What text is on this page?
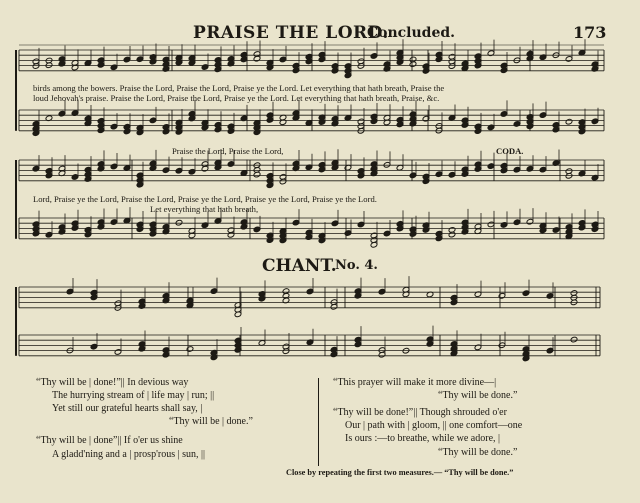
PRAISE THE LORD.
Concluded.	173
birds among the bowers. Praise the Lord, Praise the Lord, Praise ye the Lord. Let everything that hath breath, Praise the
loud Jehovah's praise. Praise the Lord, Praise the Lord, Praise ye the Lord. Let everything that hath breath, Praise, &c.
Praise the Lord, Praise the Lord,	CODA.
Lord, Praise ye the Lord, Praise the Lord, Praise ye the Lord, Praise ye the Lord, Praise ye the Lord.
Let everything that hath breath,
CHANT.
No. 4.
“Thy will be | done!”|| In devious way
The hurrying stream of | life may | run; ||
Yet still our grateful hearts shall say, |
“Thy will be | done.”
“Thy will be | done”|| If o'er us shine
A gladd'ning and a | prosp'rous | sun, ||
“This prayer will make it more divine—|
“Thy will be done.”
“Thy will be done!”|| Though shrouded o'er
Our | path with | gloom, || one comfort—one
Is ours :—to breathe, while we adore, |
“Thy will be done.”
Close by repeating the first two measures.— “Thy will be done.”
